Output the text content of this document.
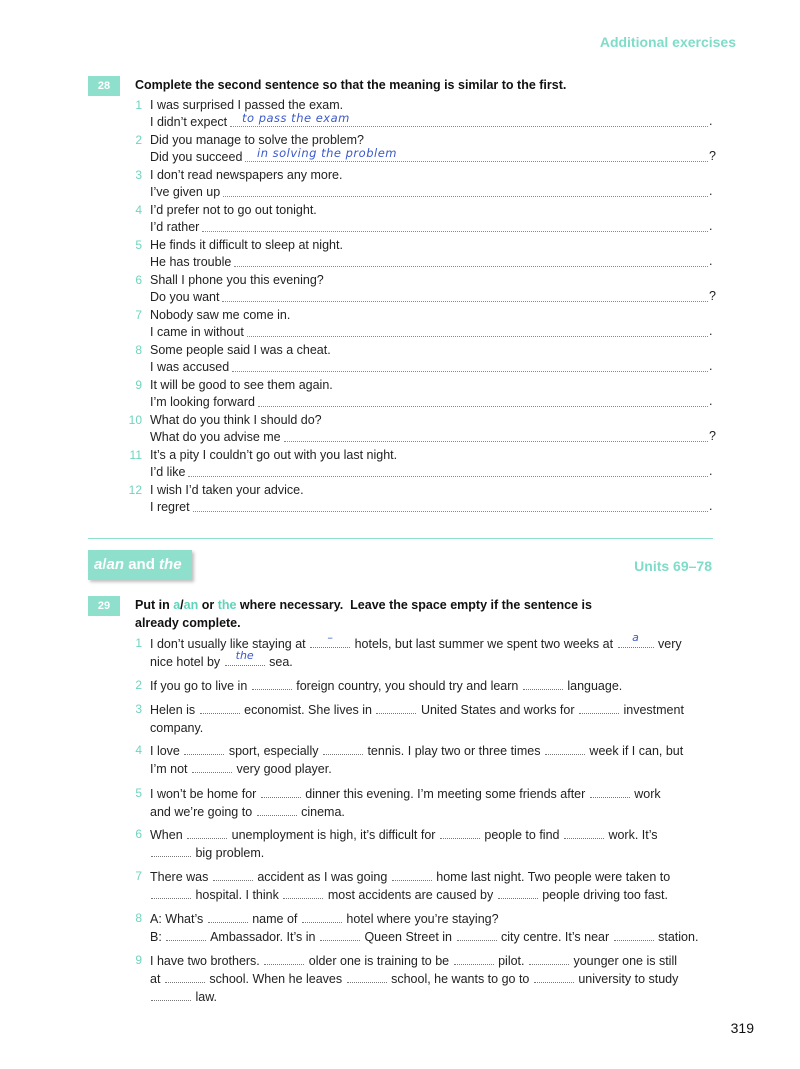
Additional exercises
28	Complete the second sentence so that the meaning is similar to the first.
1 I was surprised I passed the exam.
I didn’t expect to pass the exam	.
2 Did you manage to solve the problem?
Did you succeed in solving the problem	?
3 I don’t read newspapers any more.
I’ve given up	.
4 I’d prefer not to go out tonight.
I’d rather	.
5 He finds it difficult to sleep at night.
He has trouble	.
6 Shall I phone you this evening?
Do you want	?
7 Nobody saw me come in.
I came in without	.
8 Some people said I was a cheat.
I was accused	.
9 It will be good to see them again.
I’m looking forward	.
10 What do you think I should do?
What do you advise me	?
11 It’s a pity I couldn’t go out with you last night.
I’d like	.
12 I wish I’d taken your advice.
I regret	.
a/an and the	Units 69–78
29	Put in a/an or the where necessary.  Leave the space empty if the sentence is
already complete.
1 I don’t usually like staying at	–	hotels, but last summer we spent two weeks at	a	very
nice hotel by	the	sea.
2 If you go to live in	foreign country, you should try and learn	language.
3 Helen is	economist. She lives in	United States and works for	investment
company.
4 I love	sport, especially	tennis. I play two or three times	week if I can, but
I’m not	very good player.
5 I won’t be home for	dinner this evening. I’m meeting some friends after	work
and we’re going to	cinema.
6 When	unemployment is high, it’s difficult for	people to find	work. It’s
big problem.
7 There was	accident as I was going	home last night. Two people were taken to
hospital. I think	most accidents are caused by	people driving too fast.
8 A: What’s	name of	hotel where you’re staying?
B:	Ambassador. It’s in	Queen Street in	city centre. It’s near	station.
9 I have two brothers.	older one is training to be	pilot.	younger one is still
at	school. When he leaves	school, he wants to go to	university to study
law.
319
